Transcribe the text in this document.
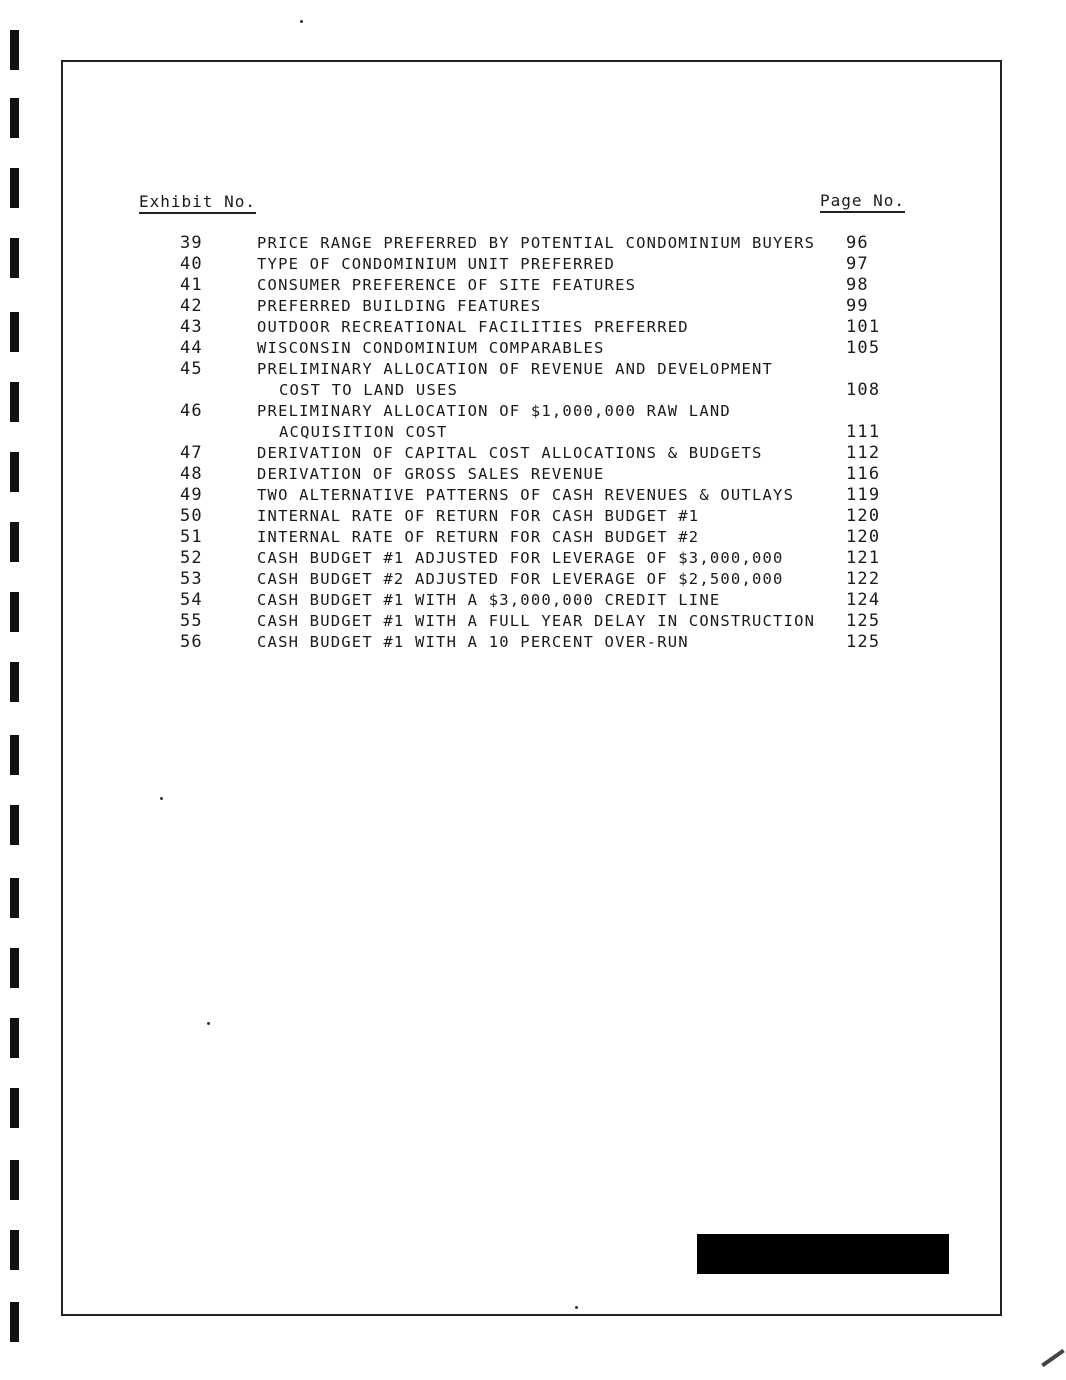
Exhibit No.	Page No.
39	PRICE RANGE PREFERRED BY POTENTIAL CONDOMINIUM BUYERS 96
40	TYPE OF CONDOMINIUM UNIT PREFERRED	97
41	CONSUMER PREFERENCE OF SITE FEATURES	98
42	PREFERRED BUILDING FEATURES	99
43	OUTDOOR RECREATIONAL FACILITIES PREFERRED	101
44	WISCONSIN CONDOMINIUM COMPARABLES	105
45	PRELIMINARY ALLOCATION OF REVENUE AND DEVELOPMENT
COST TO LAND USES	108
46	PRELIMINARY ALLOCATION OF $1,000,000 RAW LAND
ACQUISITION COST	111
47	DERIVATION OF CAPITAL COST ALLOCATIONS & BUDGETS	112
48	DERIVATION OF GROSS SALES REVENUE	116
49	TWO ALTERNATIVE PATTERNS OF CASH REVENUES & OUTLAYS	119
50	INTERNAL RATE OF RETURN FOR CASH BUDGET #1	120
51	INTERNAL RATE OF RETURN FOR CASH BUDGET #2	120
52	CASH BUDGET #1 ADJUSTED FOR LEVERAGE OF $3,000,000	121
53	CASH BUDGET #2 ADJUSTED FOR LEVERAGE OF $2,500,000	122
54	CASH BUDGET #1 WITH A $3,000,000 CREDIT LINE	124
55	CASH BUDGET #1 WITH A FULL YEAR DELAY IN CONSTRUCTION 125
56	CASH BUDGET #1 WITH A 10 PERCENT OVER-RUN	125
